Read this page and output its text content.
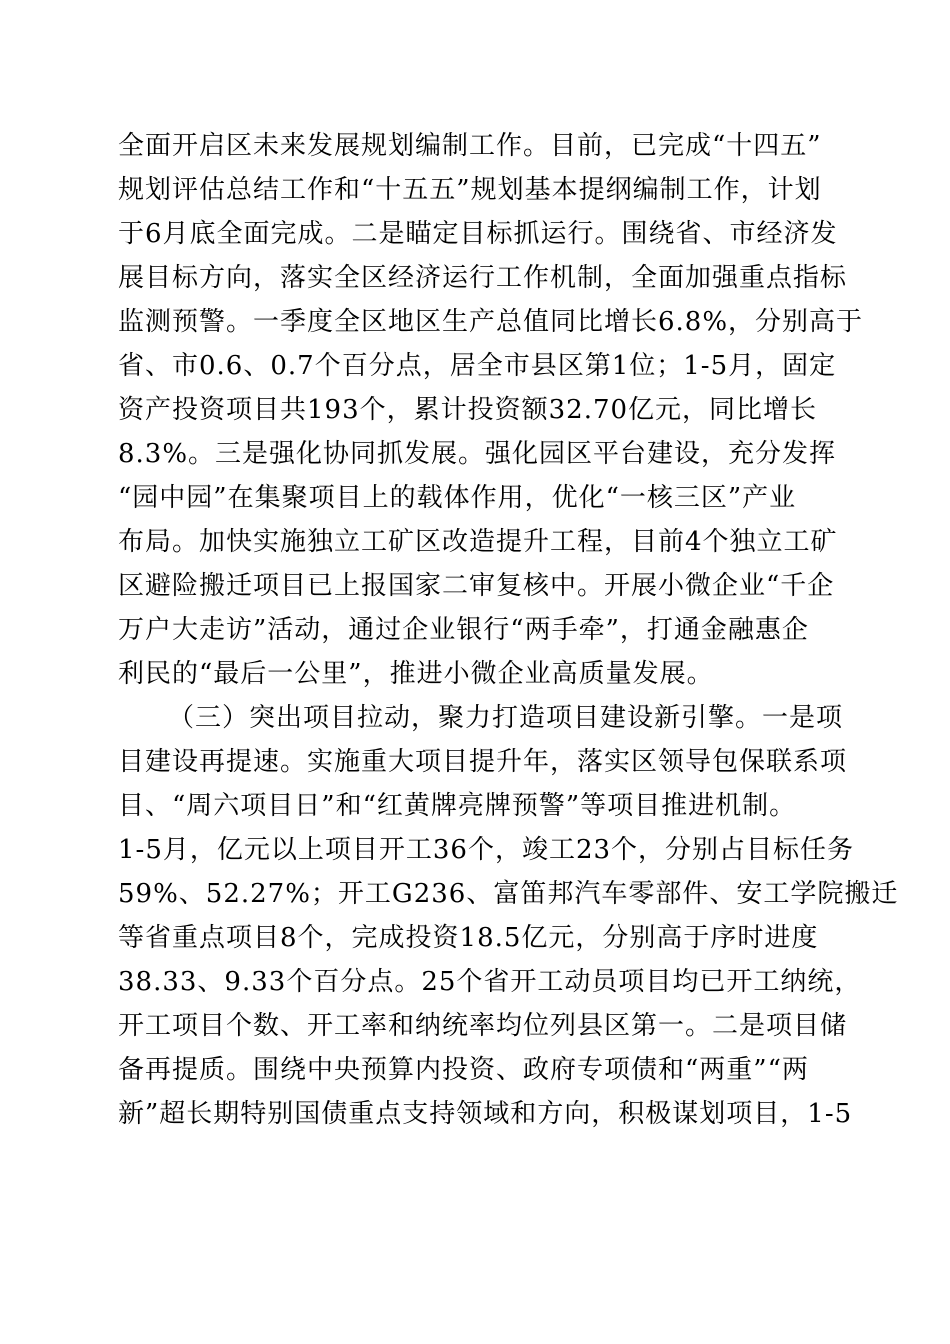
全面开启区未来发展规划编制工作。目前，已完成“十四五”
规划评估总结工作和“十五五”规划基本提纲编制工作，计划
于6月底全面完成。二是瞄定目标抓运行。围绕省、市经济发
展目标方向，落实全区经济运行工作机制，全面加强重点指标
监测预警。一季度全区地区生产总值同比增长6.8%，分别高于
省、市0.6、0.7个百分点，居全市县区第1位；1-5月，固定
资产投资项目共193个，累计投资额32.70亿元，同比增长
8.3%。三是强化协同抓发展。强化园区平台建设，充分发挥
“园中园”在集聚项目上的载体作用，优化“一核三区”产业
布局。加快实施独立工矿区改造提升工程，目前4个独立工矿
区避险搬迁项目已上报国家二审复核中。开展小微企业“千企
万户大走访”活动，通过企业银行“两手牵”，打通金融惠企
利民的“最后一公里”，推进小微企业高质量发展。
（三）突出项目拉动，聚力打造项目建设新引擎。一是项
目建设再提速。实施重大项目提升年，落实区领导包保联系项
目、“周六项目日”和“红黄牌亮牌预警”等项目推进机制。
1-5月，亿元以上项目开工36个，竣工23个，分别占目标任务
59%、52.27%；开工G236、富笛邦汽车零部件、安工学院搬迁
等省重点项目8个，完成投资18.5亿元，分别高于序时进度
38.33、9.33个百分点。25个省开工动员项目均已开工纳统，
开工项目个数、开工率和纳统率均位列县区第一。二是项目储
备再提质。围绕中央预算内投资、政府专项债和“两重”“两
新”超长期特别国债重点支持领域和方向，积极谋划项目，1-5
